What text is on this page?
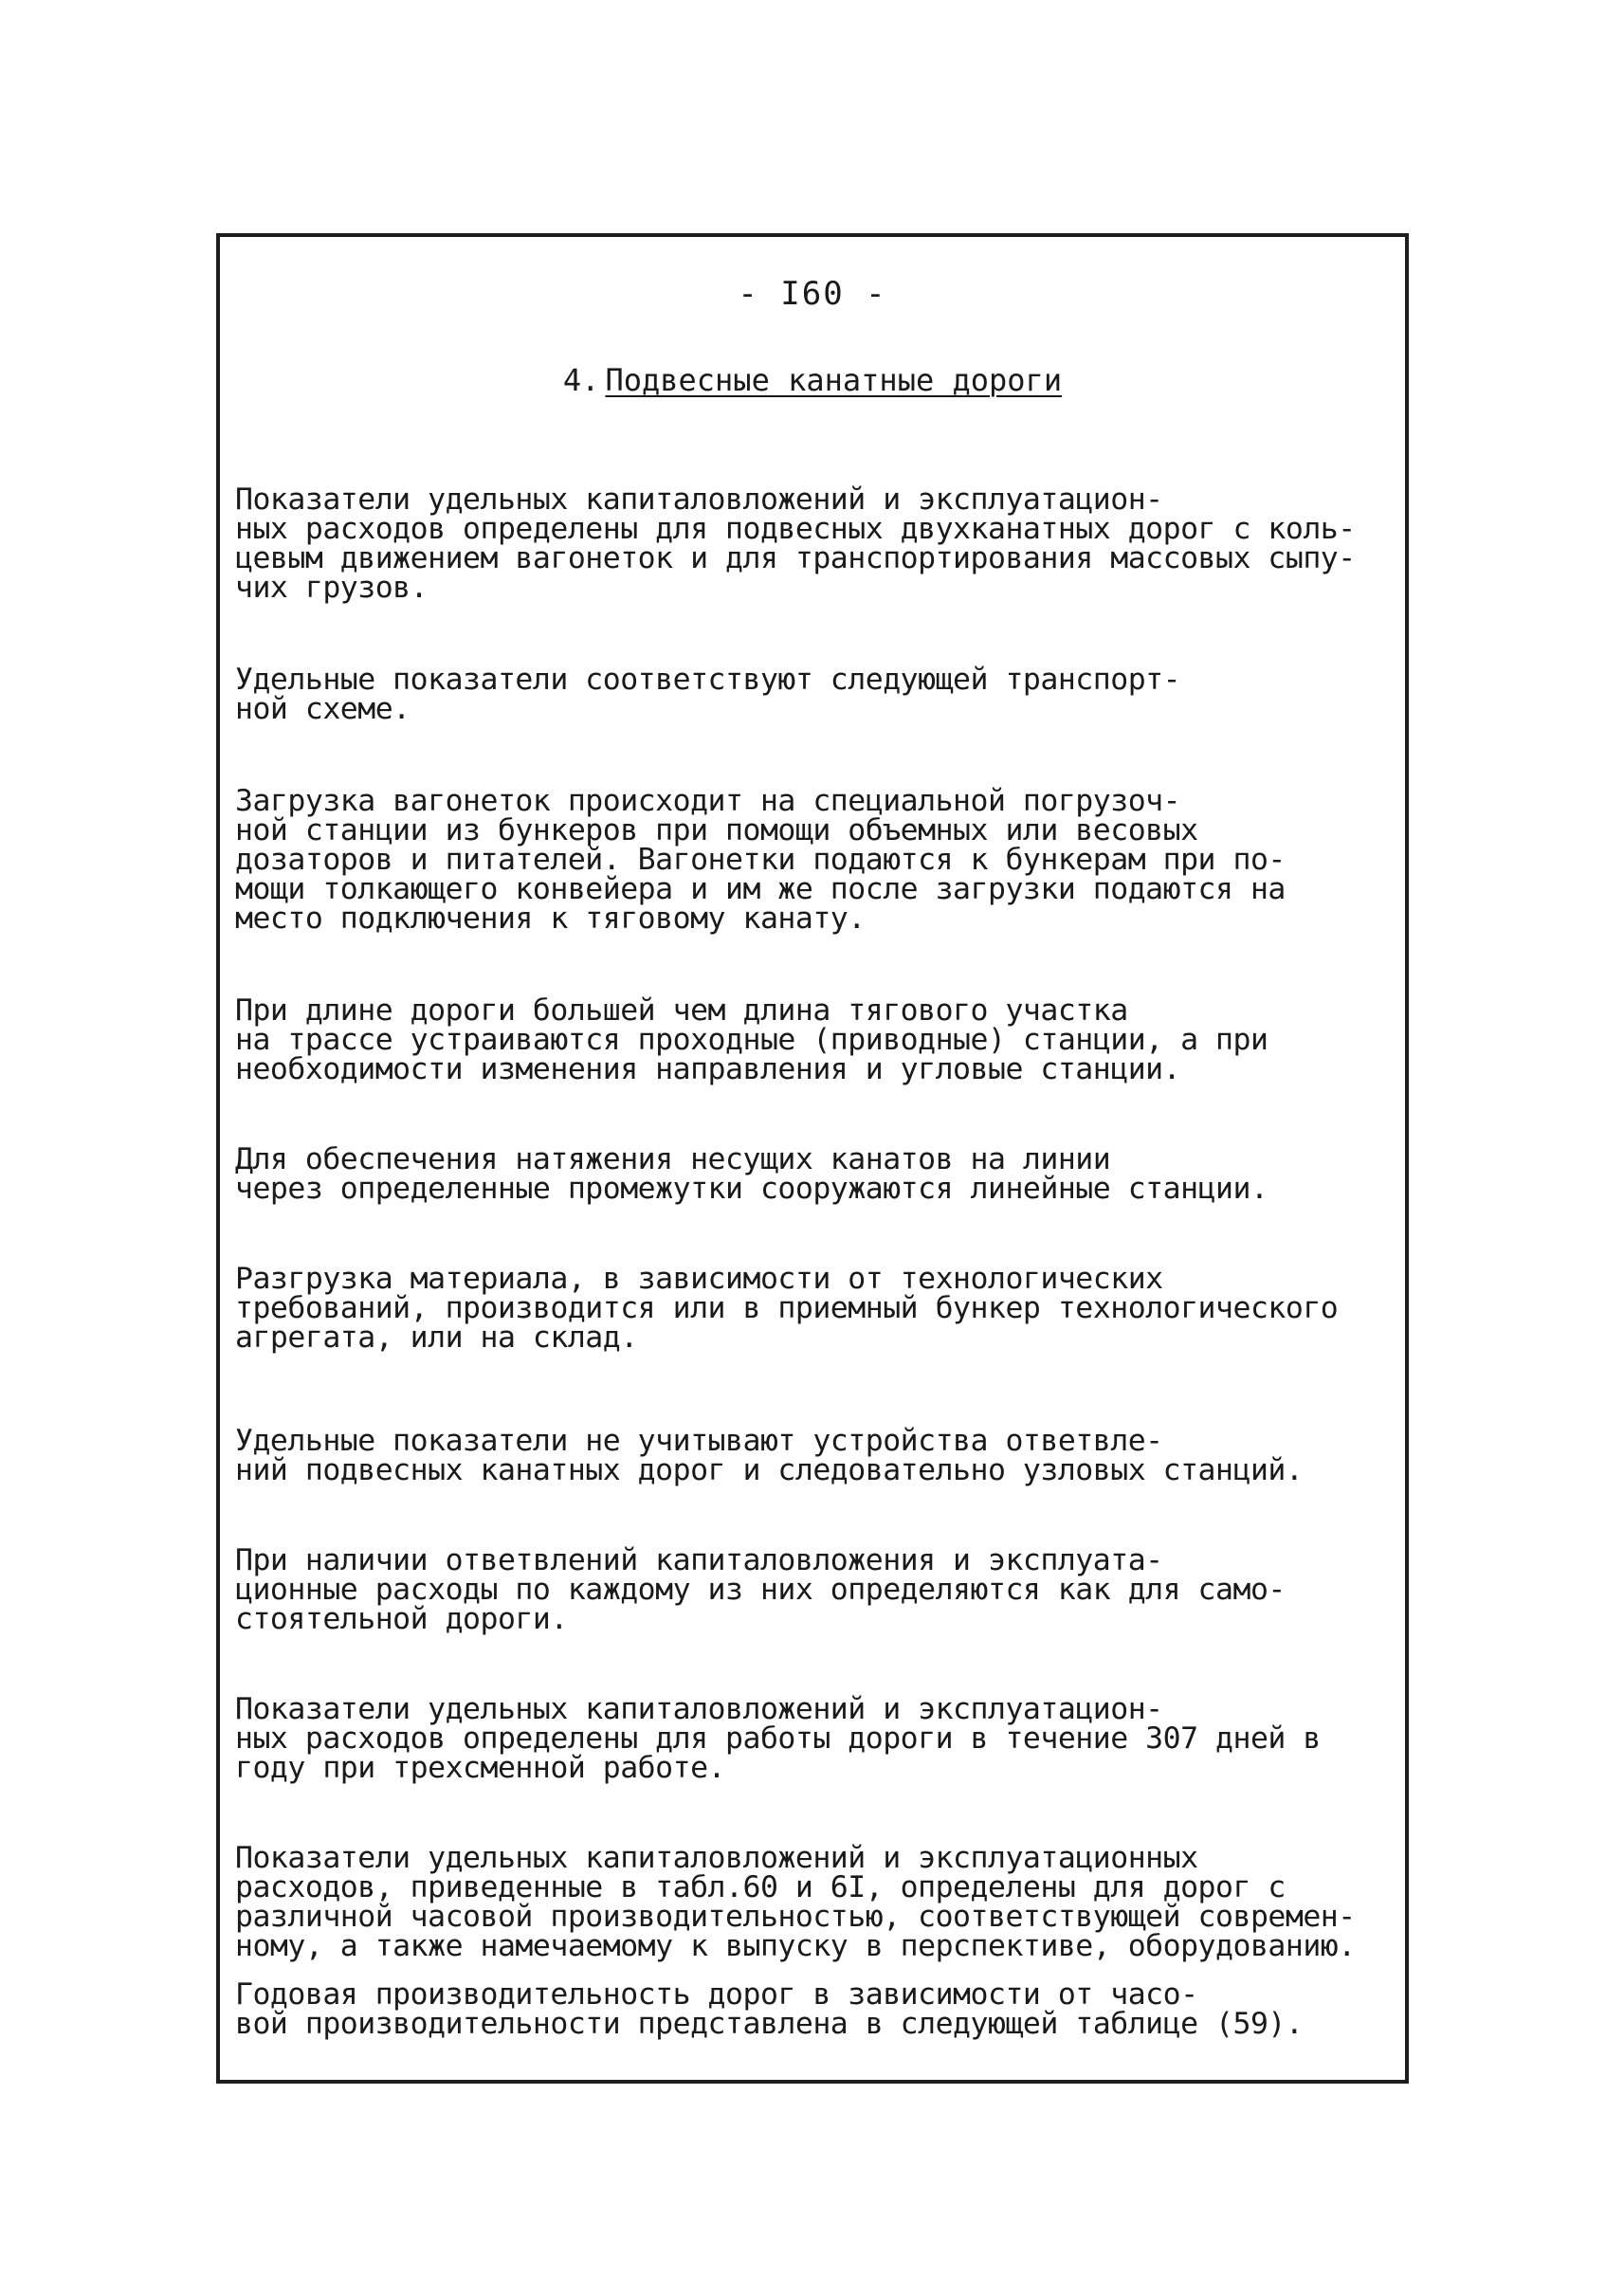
- I60 -
4. Подвесные канатные дороги

Показатели удельных капиталовложений и эксплуатацион-
ных расходов определены для подвесных двухканатных дорог с коль-
цевым движением вагонеток и для транспортирования массовых сыпу-
чих грузов.

Удельные показатели соответствуют следующей транспорт-
ной схеме.

Загрузка вагонеток происходит на специальной погрузоч-
ной станции из бункеров при помощи объемных или весовых
дозаторов и питателей. Вагонетки подаются к бункерам при по-
мощи толкающего конвейера и им же после загрузки подаются на
место подключения к тяговому канату.

При длине дороги большей чем длина тягового участка
на трассе устраиваются проходные (приводные) станции, а при
необходимости изменения направления и угловые станции.

Для обеспечения натяжения несущих канатов на линии
через определенные промежутки сооружаются линейные станции.

Разгрузка материала, в зависимости от технологических
требований, производится или в приемный бункер технологического
агрегата, или на склад.

Удельные показатели не учитывают устройства ответвле-
ний подвесных канатных дорог и следовательно узловых станций.

При наличии ответвлений капиталовложения и эксплуата-
ционные расходы по каждому из них определяются как для само-
стоятельной дороги.

Показатели удельных капиталовложений и эксплуатацион-
ных расходов определены для работы дороги в течение 307 дней в
году при трехсменной работе.

Показатели удельных капиталовложений и эксплуатационных
расходов, приведенные в табл.60 и 6I, определены для дорог с
различной часовой производительностью, соответствующей современ-
ному, а также намечаемому к выпуску в перспективе, оборудованию.

Годовая производительность дорог в зависимости от часо-
вой производительности представлена в следующей таблице (59).
